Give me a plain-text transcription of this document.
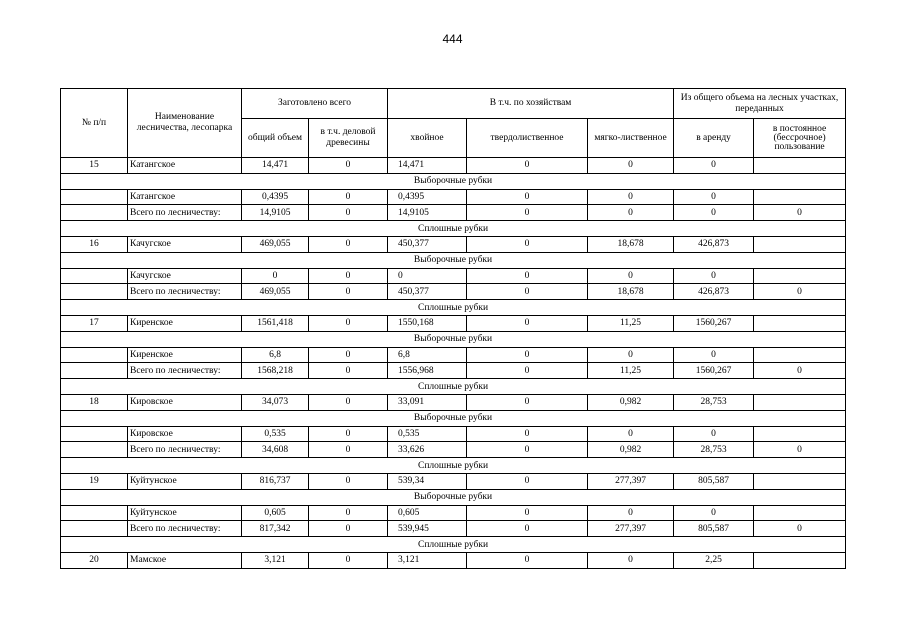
444
№ п/п	Наименование лесничества, лесопарка	Заготовлено всего		В т.ч. по хозяйствам			Из общего объема на лесных участках, переданных	
		общий объем	в т.ч. деловой древесины	хвойное	твердолиственное	мягко-лиственное	в аренду	в постоянное (бессрочное) пользование
15	Катангское	14,471	0	14,471	0	0	0	
Выборочные рубки								
	Катангское	0,4395	0	0,4395	0	0	0	
	Всего по лесничеству:	14,9105	0	14,9105	0	0	0	0
Сплошные рубки								
16	Качугское	469,055	0	450,377	0	18,678	426,873	
Выборочные рубки								
	Качугское	0	0	0	0	0	0	
	Всего по лесничеству:	469,055	0	450,377	0	18,678	426,873	0
Сплошные рубки								
17	Киренское	1561,418	0	1550,168	0	11,25	1560,267	
Выборочные рубки								
	Киренское	6,8	0	6,8	0	0	0	
	Всего по лесничеству:	1568,218	0	1556,968	0	11,25	1560,267	0
Сплошные рубки								
18	Кировское	34,073	0	33,091	0	0,982	28,753	
Выборочные рубки								
	Кировское	0,535	0	0,535	0	0	0	
	Всего по лесничеству:	34,608	0	33,626	0	0,982	28,753	0
Сплошные рубки								
19	Куйтунское	816,737	0	539,34	0	277,397	805,587	
Выборочные рубки								
	Куйтунское	0,605	0	0,605	0	0	0	
	Всего по лесничеству:	817,342	0	539,945	0	277,397	805,587	0
Сплошные рубки								
20	Мамское	3,121	0	3,121	0	0	2,25	
